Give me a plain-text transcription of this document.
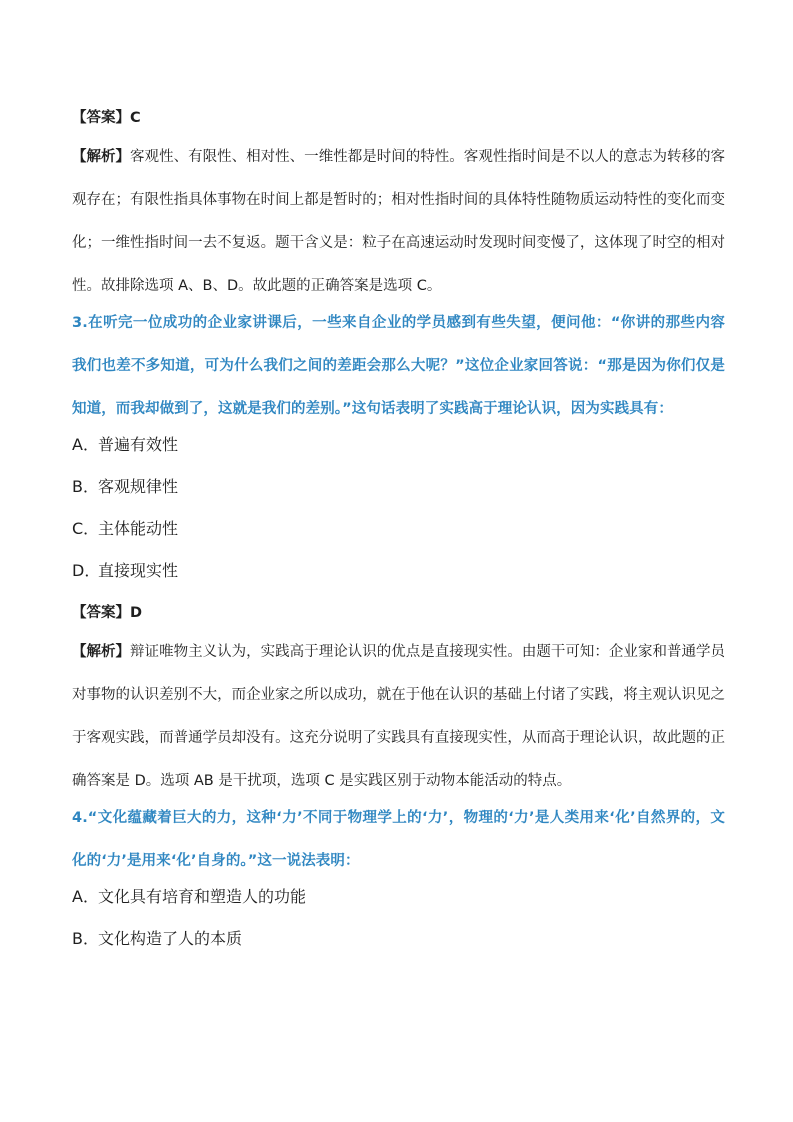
【答案】C
【解析】客观性、有限性、相对性、一维性都是时间的特性。客观性指时间是不以人的意志为转移的客观存在；有限性指具体事物在时间上都是暂时的；相对性指时间的具体特性随物质运动特性的变化而变化；一维性指时间一去不复返。题干含义是：粒子在高速运动时发现时间变慢了，这体现了时空的相对性。故排除选项 A、B、D。故此题的正确答案是选项 C。
3.在听完一位成功的企业家讲课后，一些来自企业的学员感到有些失望，便问他：“你讲的那些内容我们也差不多知道，可为什么我们之间的差距会那么大呢？”这位企业家回答说：“那是因为你们仅是知道，而我却做到了，这就是我们的差别。”这句话表明了实践高于理论认识，因为实践具有：
A．普遍有效性
B．客观规律性
C．主体能动性
D．直接现实性
【答案】D
【解析】辩证唯物主义认为，实践高于理论认识的优点是直接现实性。由题干可知：企业家和普通学员对事物的认识差别不大，而企业家之所以成功，就在于他在认识的基础上付诸了实践，将主观认识见之于客观实践，而普通学员却没有。这充分说明了实践具有直接现实性，从而高于理论认识，故此题的正确答案是 D。选项 AB 是干扰项，选项 C 是实践区别于动物本能活动的特点。
4.“文化蕴藏着巨大的力，这种‘力’不同于物理学上的‘力’，物理的‘力’是人类用来‘化’自然界的，文化的‘力’是用来‘化’自身的。”这一说法表明：
A．文化具有培育和塑造人的功能
B．文化构造了人的本质
